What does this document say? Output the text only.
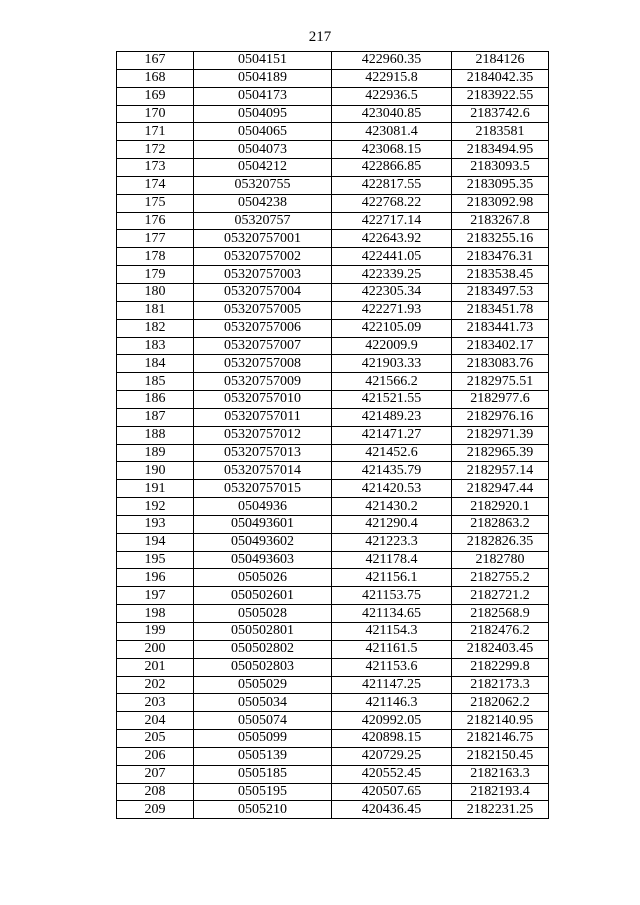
217
167	0504151	422960.35	2184126
168	0504189	422915.8	2184042.35
169	0504173	422936.5	2183922.55
170	0504095	423040.85	2183742.6
171	0504065	423081.4	2183581
172	0504073	423068.15	2183494.95
173	0504212	422866.85	2183093.5
174	05320755	422817.55	2183095.35
175	0504238	422768.22	2183092.98
176	05320757	422717.14	2183267.8
177	05320757001	422643.92	2183255.16
178	05320757002	422441.05	2183476.31
179	05320757003	422339.25	2183538.45
180	05320757004	422305.34	2183497.53
181	05320757005	422271.93	2183451.78
182	05320757006	422105.09	2183441.73
183	05320757007	422009.9	2183402.17
184	05320757008	421903.33	2183083.76
185	05320757009	421566.2	2182975.51
186	05320757010	421521.55	2182977.6
187	05320757011	421489.23	2182976.16
188	05320757012	421471.27	2182971.39
189	05320757013	421452.6	2182965.39
190	05320757014	421435.79	2182957.14
191	05320757015	421420.53	2182947.44
192	0504936	421430.2	2182920.1
193	050493601	421290.4	2182863.2
194	050493602	421223.3	2182826.35
195	050493603	421178.4	2182780
196	0505026	421156.1	2182755.2
197	050502601	421153.75	2182721.2
198	0505028	421134.65	2182568.9
199	050502801	421154.3	2182476.2
200	050502802	421161.5	2182403.45
201	050502803	421153.6	2182299.8
202	0505029	421147.25	2182173.3
203	0505034	421146.3	2182062.2
204	0505074	420992.05	2182140.95
205	0505099	420898.15	2182146.75
206	0505139	420729.25	2182150.45
207	0505185	420552.45	2182163.3
208	0505195	420507.65	2182193.4
209	0505210	420436.45	2182231.25
